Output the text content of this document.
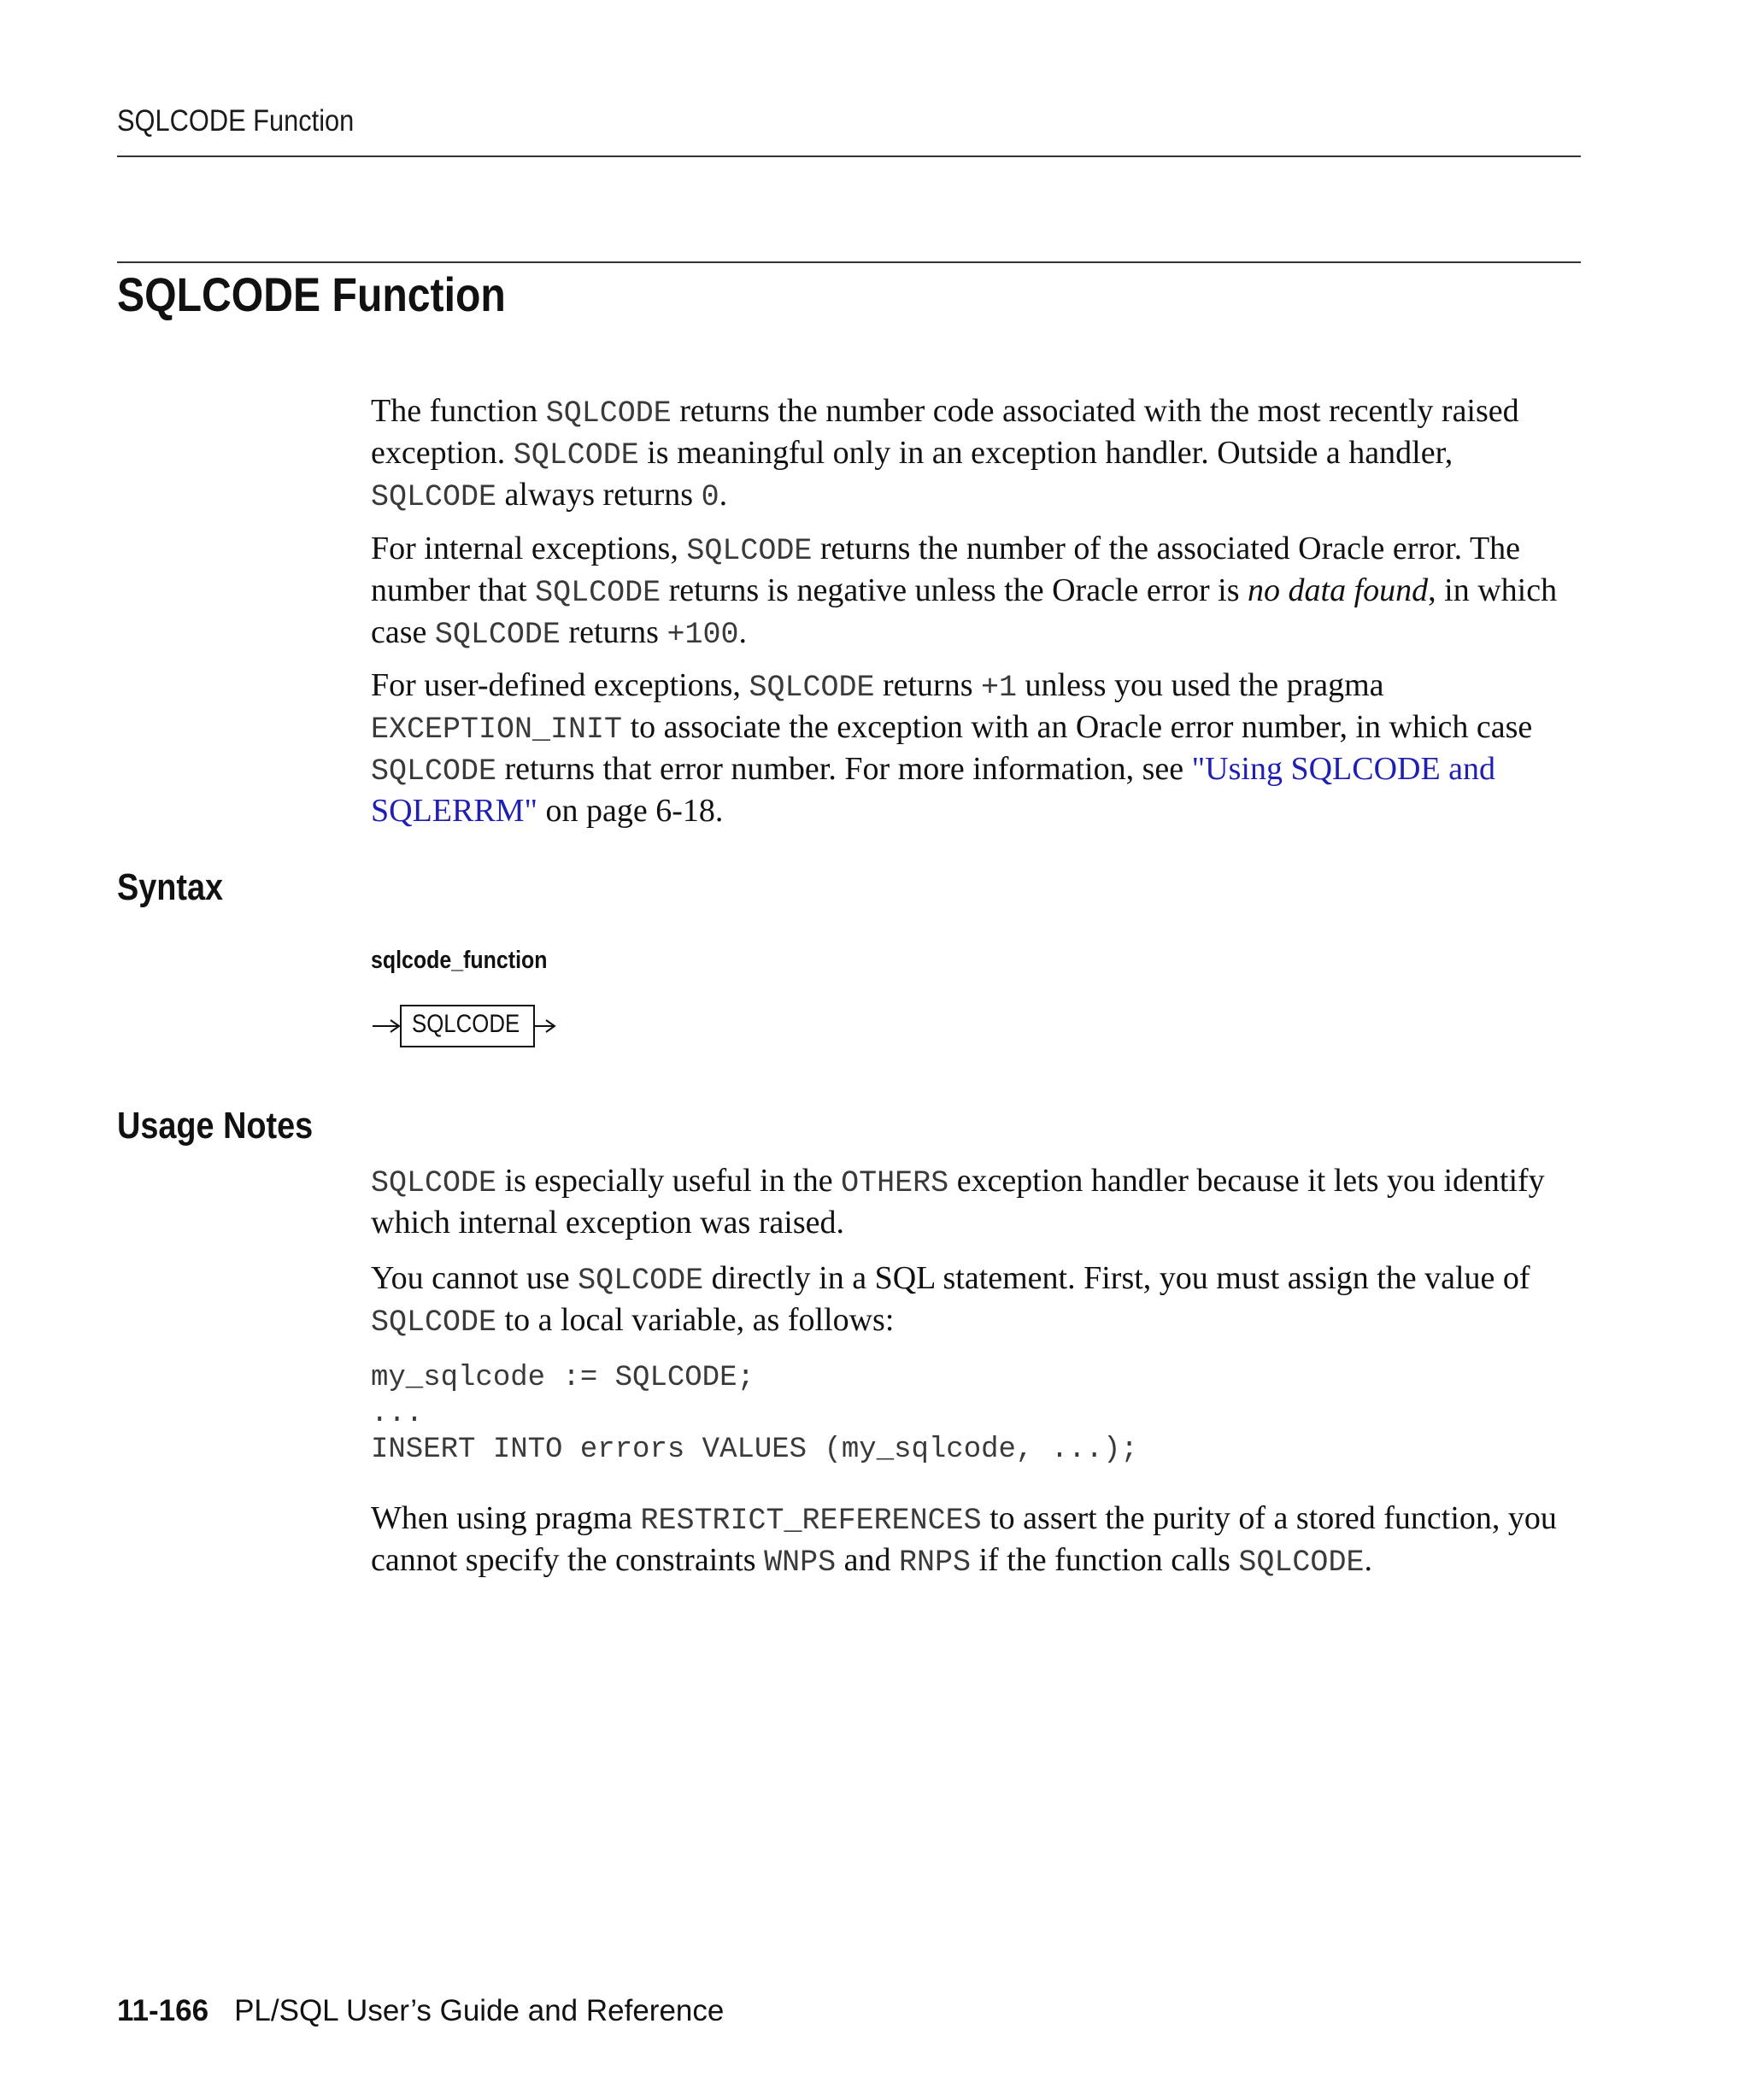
SQLCODE Function
SQLCODE Function

The function SQLCODE returns the number code associated with the most recently raised exception. SQLCODE is meaningful only in an exception handler. Outside a handler, SQLCODE always returns 0.

For internal exceptions, SQLCODE returns the number of the associated Oracle error. The number that SQLCODE returns is negative unless the Oracle error is no data found, in which case SQLCODE returns +100.

For user-defined exceptions, SQLCODE returns +1 unless you used the pragma EXCEPTION_INIT to associate the exception with an Oracle error number, in which case SQLCODE returns that error number. For more information, see "Using SQLCODE and SQLERRM" on page 6-18.

Syntax
sqlcode_function
SQLCODE
Usage Notes

SQLCODE is especially useful in the OTHERS exception handler because it lets you identify which internal exception was raised.

You cannot use SQLCODE directly in a SQL statement. First, you must assign the value of SQLCODE to a local variable, as follows:

my_sqlcode := SQLCODE;
...
INSERT INTO errors VALUES (my_sqlcode, ...);

When using pragma RESTRICT_REFERENCES to assert the purity of a stored function, you cannot specify the constraints WNPS and RNPS if the function calls SQLCODE.

11-166 PL/SQL User’s Guide and Reference
